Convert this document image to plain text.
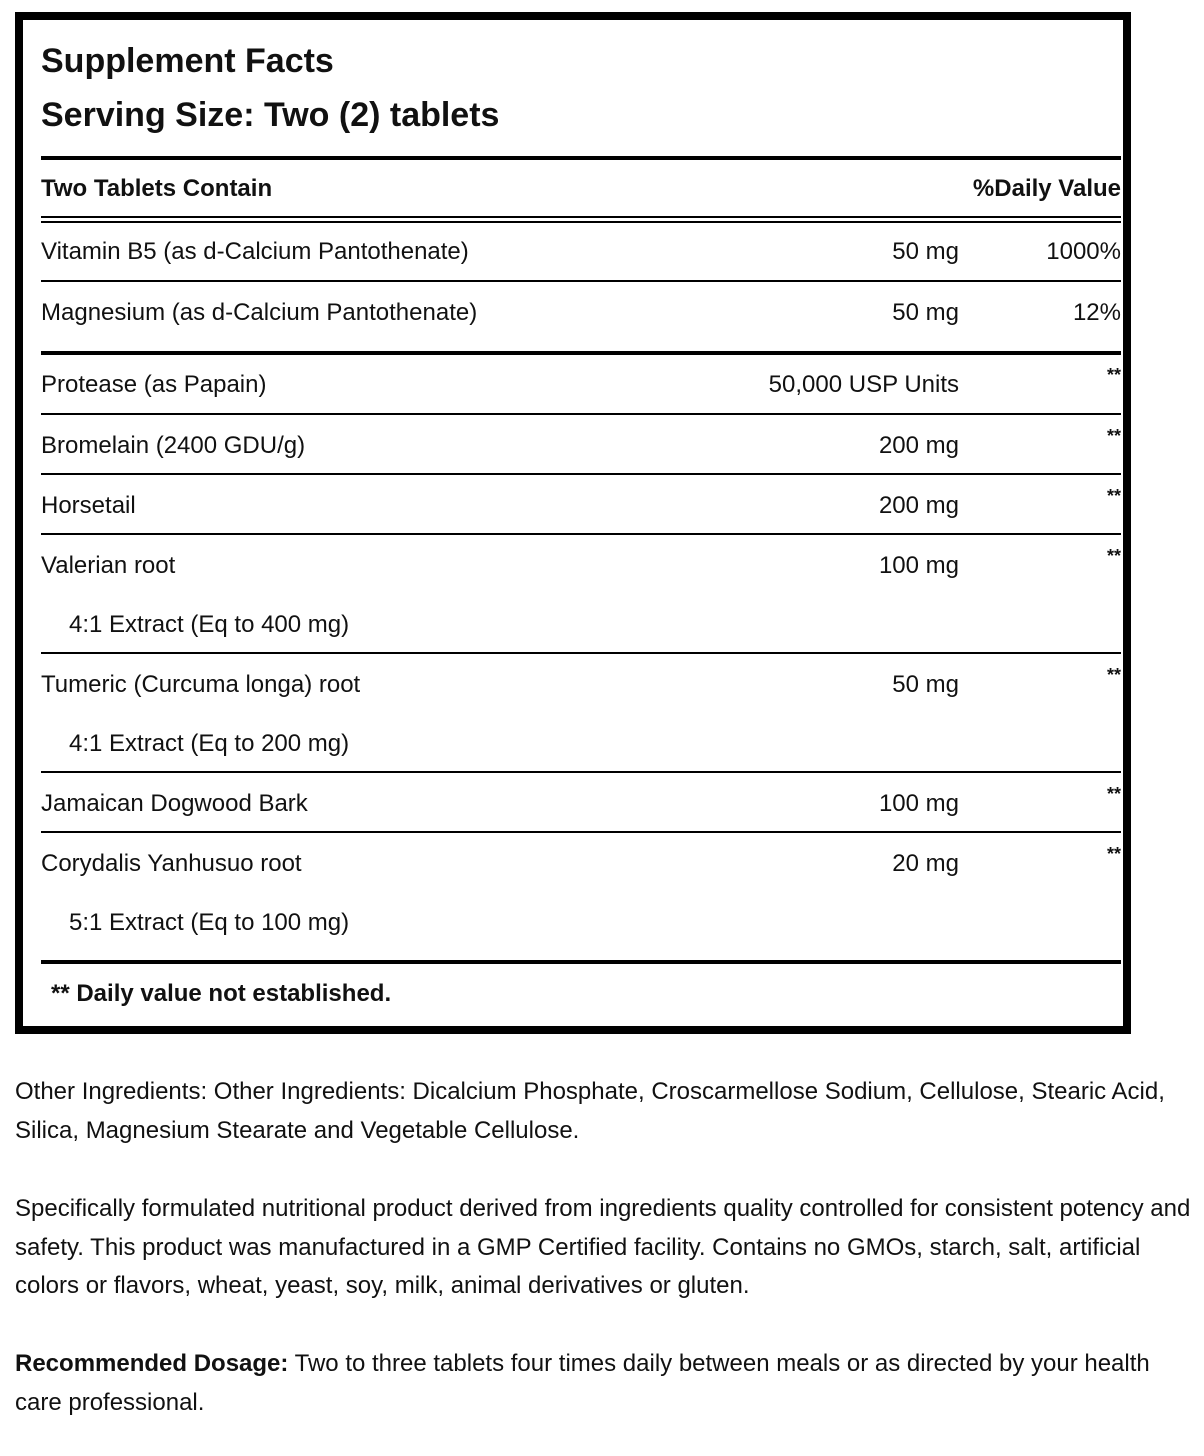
Supplement Facts
Serving Size: Two (2) tablets
Two Tablets Contain	%Daily Value
Vitamin B5 (as d-Calcium Pantothenate)	50 mg	1000%
Magnesium (as d-Calcium Pantothenate)	50 mg	12%
Protease (as Papain)	50,000 USP Units	**
Bromelain (2400 GDU/g)	200 mg	**
Horsetail	200 mg	**
Valerian root	100 mg	**
4:1 Extract (Eq to 400 mg)
Tumeric (Curcuma longa) root	50 mg	**
4:1 Extract (Eq to 200 mg)
Jamaican Dogwood Bark	100 mg	**
Corydalis Yanhusuo root	20 mg	**
5:1 Extract (Eq to 100 mg)
** Daily value not established.
Other Ingredients: Other Ingredients: Dicalcium Phosphate, Croscarmellose Sodium, Cellulose, Stearic Acid, Silica, Magnesium Stearate and Vegetable Cellulose.
Specifically formulated nutritional product derived from ingredients quality controlled for consistent potency and safety. This product was manufactured in a GMP Certified facility. Contains no GMOs, starch, salt, artificial colors or flavors, wheat, yeast, soy, milk, animal derivatives or gluten.
Recommended Dosage: Two to three tablets four times daily between meals or as directed by your health care professional.
